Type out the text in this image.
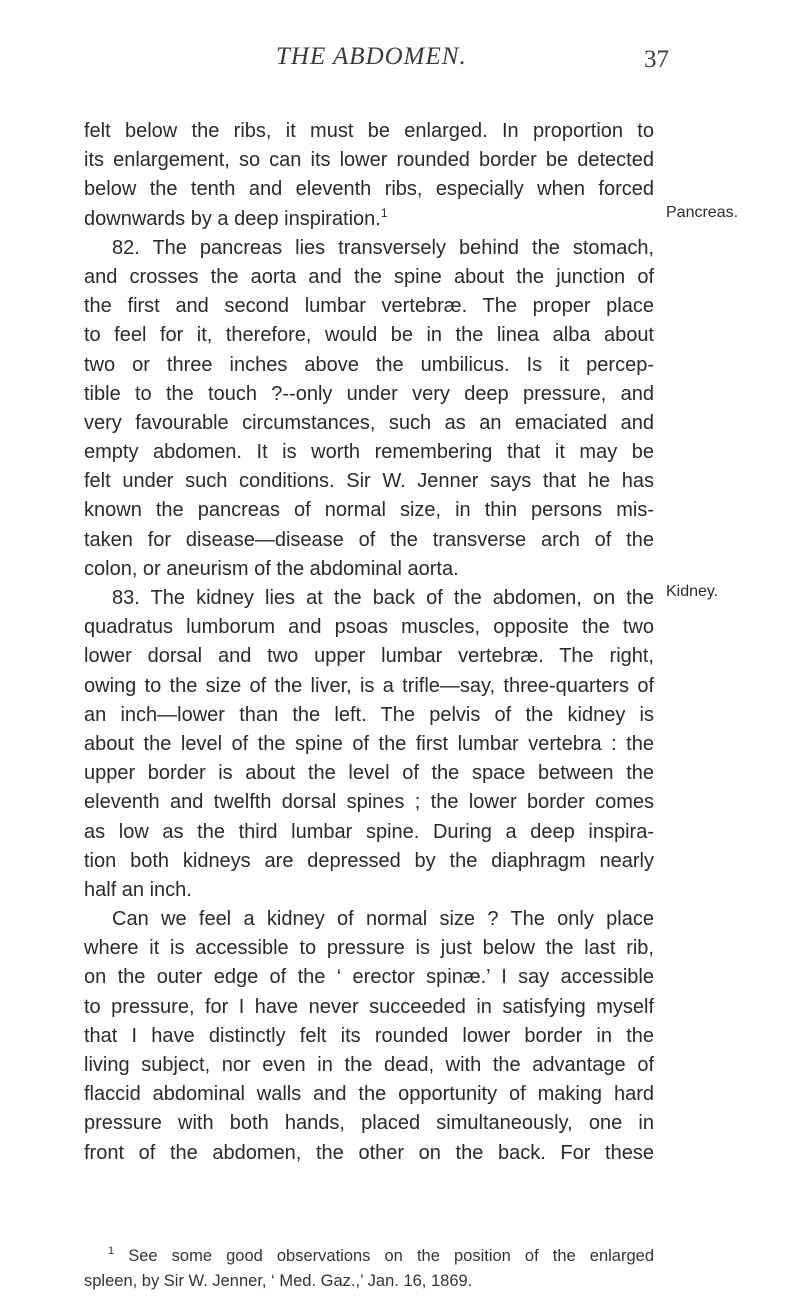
THE ABDOMEN.	37
felt below the ribs, it must be enlarged. In proportion to
its enlargement, so can its lower rounded border be detected
below the tenth and eleventh ribs, especially when forced
downwards by a deep inspiration.$^1$
82. The pancreas lies transversely behind the stomach,
and crosses the aorta and the spine about the junction of
the first and second lumbar vertebræ. The proper place
to feel for it, therefore, would be in the linea alba about
two or three inches above the umbilicus. Is it percep-
tible to the touch ?--only under very deep pressure, and
very favourable circumstances, such as an emaciated and
empty abdomen. It is worth remembering that it may be
felt under such conditions. Sir W. Jenner says that he has
known the pancreas of normal size, in thin persons mis-
taken for disease—disease of the transverse arch of the
colon, or aneurism of the abdominal aorta.
83. The kidney lies at the back of the abdomen, on the
quadratus lumborum and psoas muscles, opposite the two
lower dorsal and two upper lumbar vertebræ. The right,
owing to the size of the liver, is a trifle—say, three-quarters of
an inch—lower than the left. The pelvis of the kidney is
about the level of the spine of the first lumbar vertebra : the
upper border is about the level of the space between the
eleventh and twelfth dorsal spines ; the lower border comes
as low as the third lumbar spine. During a deep inspira-
tion both kidneys are depressed by the diaphragm nearly
half an inch.
Can we feel a kidney of normal size ? The only place
where it is accessible to pressure is just below the last rib,
on the outer edge of the ‘ erector spinæ.’ I say accessible
to pressure, for I have never succeeded in satisfying myself
that I have distinctly felt its rounded lower border in the
living subject, nor even in the dead, with the advantage of
flaccid abdominal walls and the opportunity of making hard
pressure with both hands, placed simultaneously, one in
front of the abdomen, the other on the back. For these
Pancreas.
Kidney.
$^1$ See some good observations on the position of the enlarged
spleen, by Sir W. Jenner, ‘ Med. Gaz.,’ Jan. 16, 1869.
